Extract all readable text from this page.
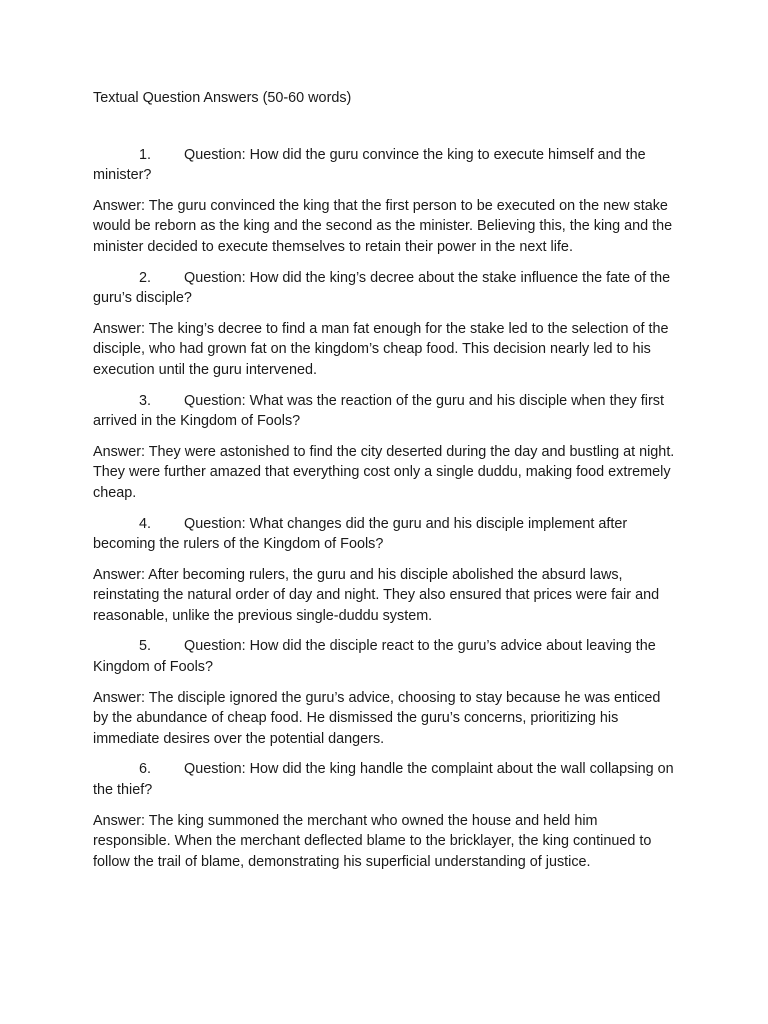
Textual Question Answers (50-60 words)

1. Question: How did the guru convince the king to execute himself and the minister?

Answer: The guru convinced the king that the first person to be executed on the new stake would be reborn as the king and the second as the minister. Believing this, the king and the minister decided to execute themselves to retain their power in the next life.

2. Question: How did the king’s decree about the stake influence the fate of the guru’s disciple?

Answer: The king’s decree to find a man fat enough for the stake led to the selection of the disciple, who had grown fat on the kingdom’s cheap food. This decision nearly led to his execution until the guru intervened.

3. Question: What was the reaction of the guru and his disciple when they first arrived in the Kingdom of Fools?

Answer: They were astonished to find the city deserted during the day and bustling at night. They were further amazed that everything cost only a single duddu, making food extremely cheap.

4. Question: What changes did the guru and his disciple implement after becoming the rulers of the Kingdom of Fools?

Answer: After becoming rulers, the guru and his disciple abolished the absurd laws, reinstating the natural order of day and night. They also ensured that prices were fair and reasonable, unlike the previous single-duddu system.

5. Question: How did the disciple react to the guru’s advice about leaving the Kingdom of Fools?

Answer: The disciple ignored the guru’s advice, choosing to stay because he was enticed by the abundance of cheap food. He dismissed the guru’s concerns, prioritizing his immediate desires over the potential dangers.

6. Question: How did the king handle the complaint about the wall collapsing on the thief?

Answer: The king summoned the merchant who owned the house and held him responsible. When the merchant deflected blame to the bricklayer, the king continued to follow the trail of blame, demonstrating his superficial understanding of justice.
